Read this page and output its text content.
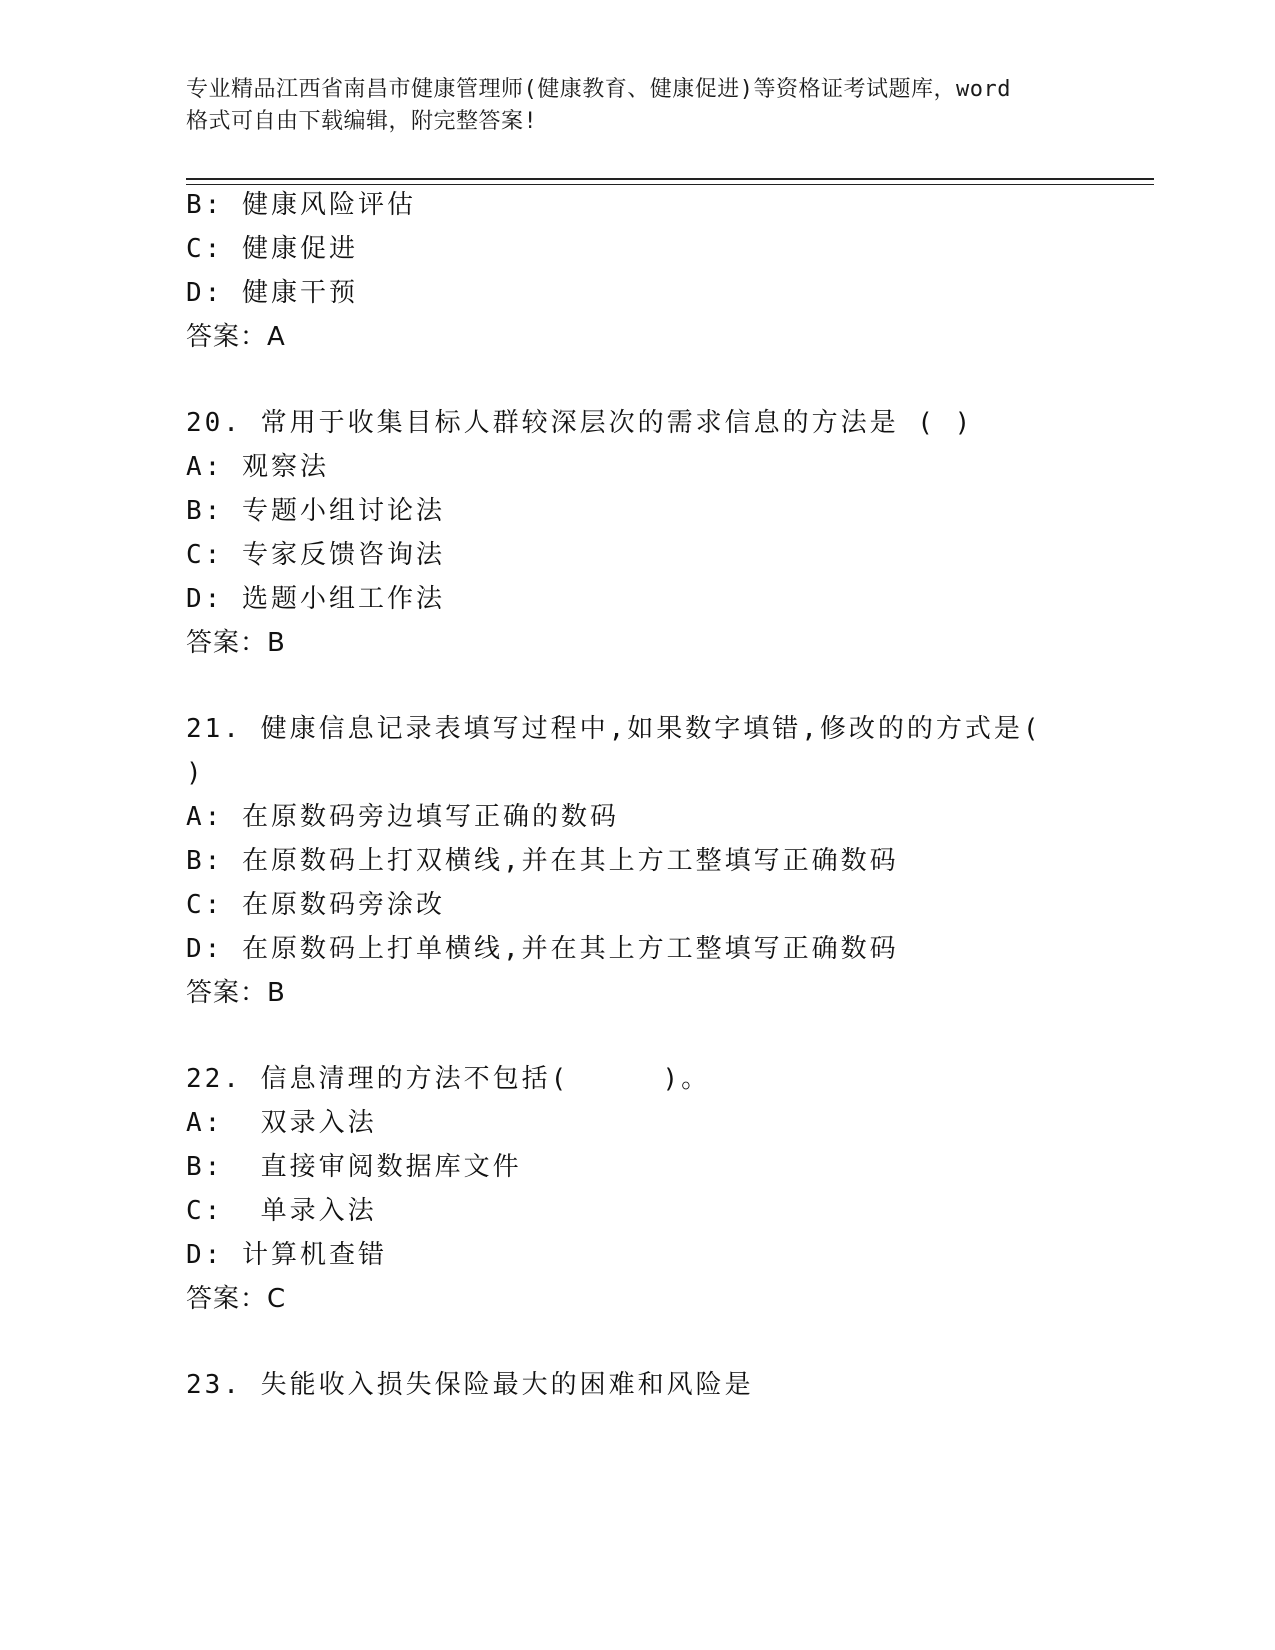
专业精品江西省南昌市健康管理师(健康教育、健康促进)等资格证考试题库，word
格式可自由下载编辑，附完整答案!
B: 健康风险评估
C: 健康促进
D: 健康干预
答案：A
20. 常用于收集目标人群较深层次的需求信息的方法是 ( )
A: 观察法
B: 专题小组讨论法
C: 专家反馈咨询法
D: 选题小组工作法
答案：B
21. 健康信息记录表填写过程中,如果数字填错,修改的的方式是(
)
A: 在原数码旁边填写正确的数码
B: 在原数码上打双横线,并在其上方工整填写正确数码
C: 在原数码旁涂改
D: 在原数码上打单横线,并在其上方工整填写正确数码
答案：B
22. 信息清理的方法不包括(     )。
A:  双录入法
B:  直接审阅数据库文件
C:  单录入法
D: 计算机查错
答案：C
23. 失能收入损失保险最大的困难和风险是
